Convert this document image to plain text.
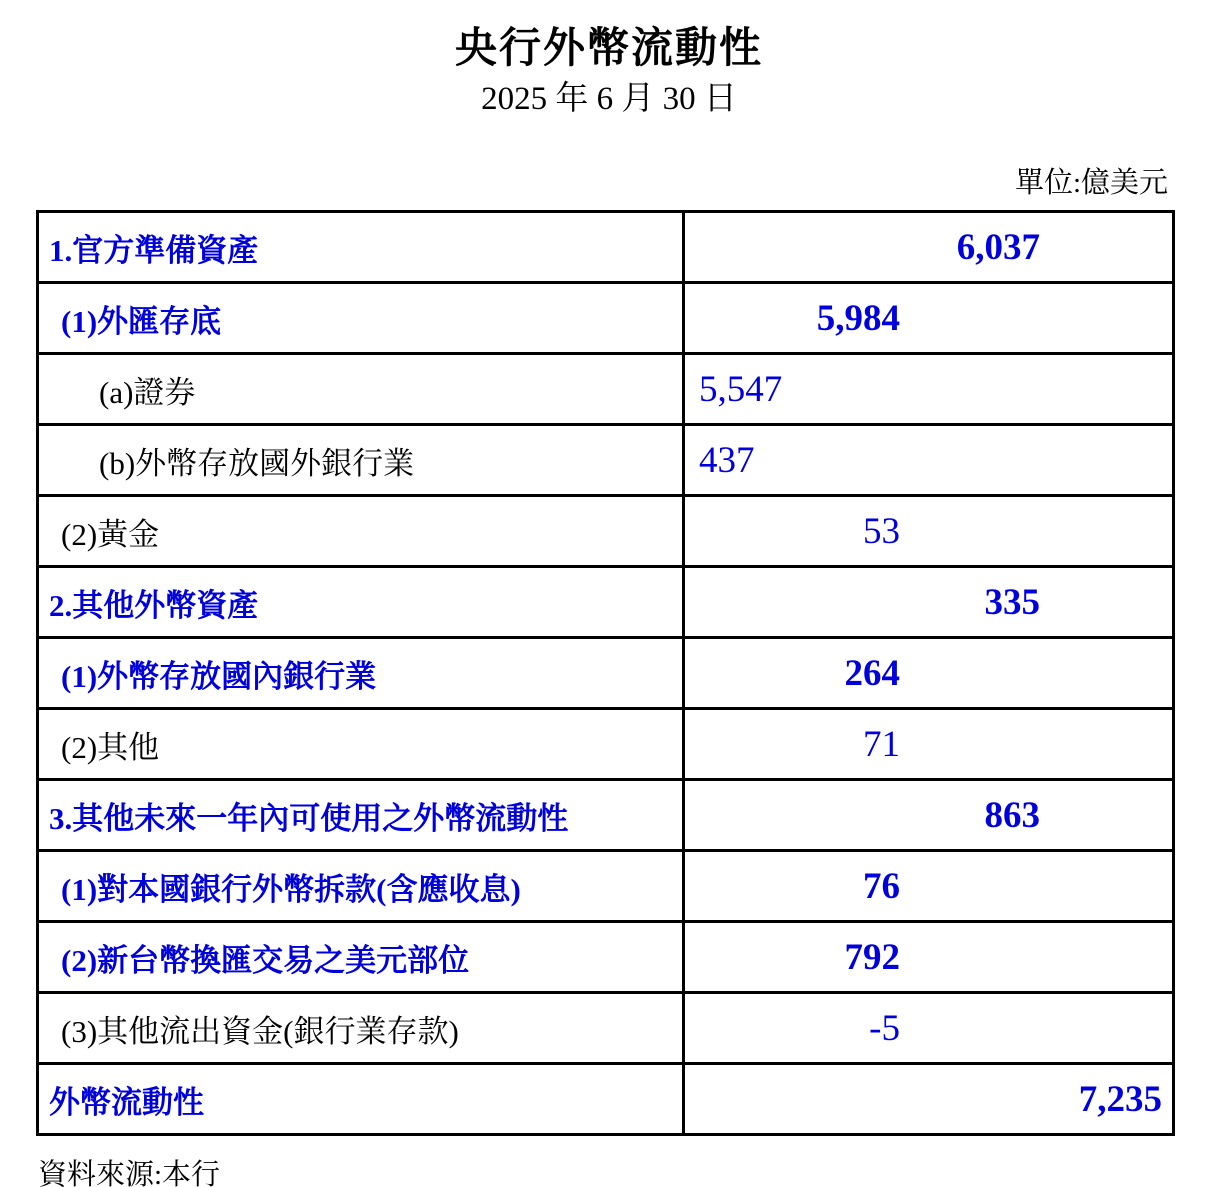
央行外幣流動性
2025 年 6 月 30 日
單位:億美元
1.官方準備資產	6,037
(1)外匯存底	5,984
(a)證券	5,547
(b)外幣存放國外銀行業	437
(2)黃金	53
2.其他外幣資產	335
(1)外幣存放國內銀行業	264
(2)其他	71
3.其他未來一年內可使用之外幣流動性	863
(1)對本國銀行外幣拆款(含應收息)	76
(2)新台幣換匯交易之美元部位	792
(3)其他流出資金(銀行業存款)	-5
外幣流動性	7,235
資料來源:本行
